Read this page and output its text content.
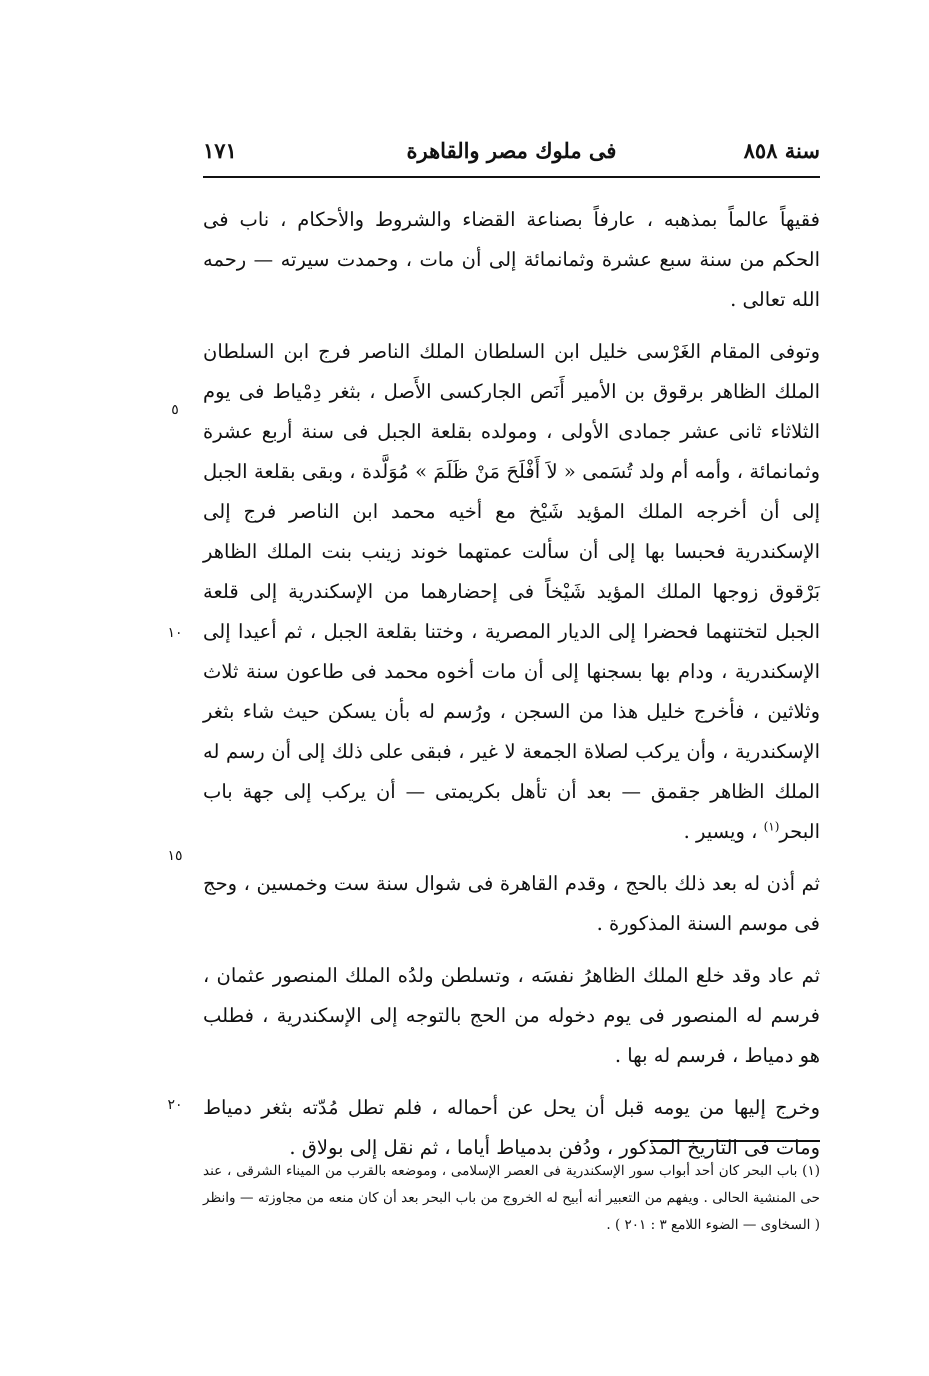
سنة ٨٥٨
فى ملوك مصر والقاهرة
١٧١

فقيهاً عالماً بمذهبه ، عارفاً بصناعة القضاء والشروط والأحكام ، ناب فى الحكم من سنة سبع عشرة وثمانمائة إلى أن مات ، وحمدت سيرته — رحمه الله تعالى .

وتوفى المقام الغَرْسى خليل ابن السلطان الملك الناصر فرج ابن السلطان الملك الظاهر برقوق بن الأمير أَنَص الجاركسى الأَصل ، بثغر دِمْياط فى يوم الثلاثاء ثانى عشر جمادى الأولى ، ومولده بقلعة الجبل فى سنة أربع عشرة وثمانمائة ، وأمه أم ولد تُسَمى « لاَ أَفْلَحَ مَنْ ظَلَمَ » مُوَلَّدة ، وبقى بقلعة الجبل إلى أن أخرجه الملك المؤيد شَيْخ مع أخيه محمد ابن الناصر فرج إلى الإسكندرية فحبسا بها إلى أن سألت عمتهما خوند زينب بنت الملك الظاهر بَرْقوق زوجها الملك المؤيد شَيْخاً فى إحضارهما من الإسكندرية إلى قلعة الجبل لتختنهما فحضرا إلى الديار المصرية ، وختنا بقلعة الجبل ، ثم أعيدا إلى الإسكندرية ، ودام بها بسجنها إلى أن مات أخوه محمد فى طاعون سنة ثلاث وثلاثين ، فأخرج خليل هذا من السجن ، ورُسم له بأن يسكن حيث شاء بثغر الإسكندرية ، وأن يركب لصلاة الجمعة لا غير ، فبقى على ذلك إلى أن رسم له الملك الظاهر جقمق — بعد أن تأهل بكريمتى — أن يركب إلى جهة باب البحر$^{(١)}$ ، ويسير .

ثم أذن له بعد ذلك بالحج ، وقدم القاهرة فى شوال سنة ست وخمسين ، وحج فى موسم السنة المذكورة .

ثم عاد وقد خلع الملك الظاهرُ نفسَه ، وتسلطن ولدُه الملك المنصور عثمان ، فرسم له المنصور فى يوم دخوله من الحج بالتوجه إلى الإسكندرية ، فطلب هو دمياط ، فرسم له بها .

وخرج إليها من يومه قبل أن يحل عن أحماله ، فلم تطل مُدّته بثغر دمياط ومات فى التاريخ المذكور ، ودُفن بدمياط أياما ، ثم نقل إلى بولاق .

٥
١٠
١٥
٢٠

(١) باب البحر كان أحد أبواب سور الإسكندرية فى العصر الإسلامى ، وموضعه بالقرب من الميناء الشرقى ، عند حى المنشية الحالى . ويفهم من التعبير أنه أبيح له الخروج من باب البحر بعد أن كان منعه من مجاوزته — وانظر ( السخاوى — الضوء اللامع ٣ : ٢٠١ ) .
